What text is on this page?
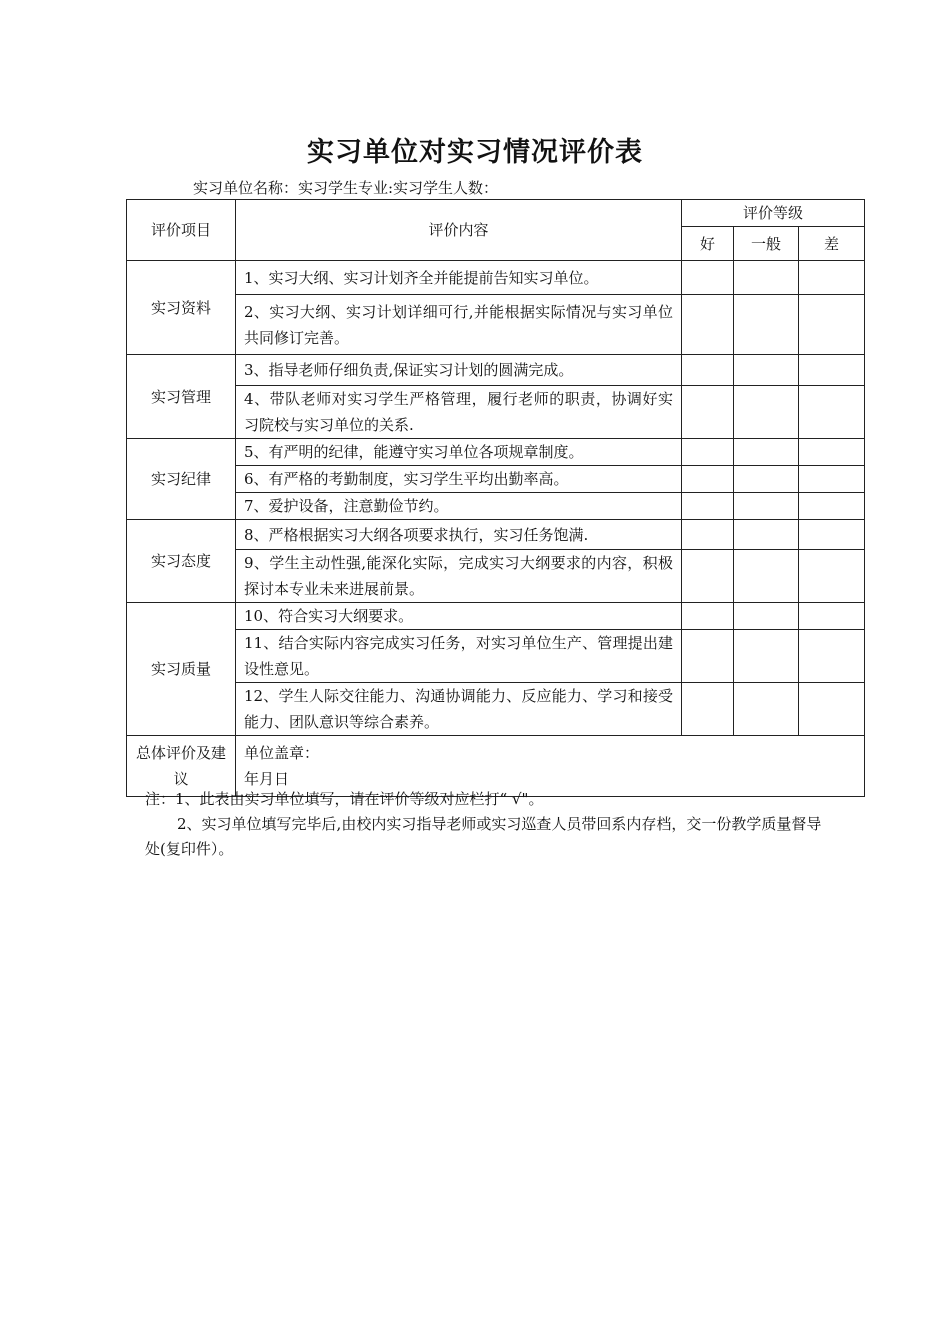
实习单位对实习情况评价表
实习单位名称：实习学生专业:实习学生人数：
评价项目	评价内容	评价等级		
		好	一般	差
实习资料	1、实习大纲、实习计划齐全并能提前告知实习单位。			
	2、实习大纲、实习计划详细可行,并能根据实际情况与实习单位共同修订完善。			
实习管理	3、指导老师仔细负责,保证实习计划的圆满完成。			
	4、带队老师对实习学生严格管理，履行老师的职责，协调好实习院校与实习单位的关系.			
实习纪律	5、有严明的纪律，能遵守实习单位各项规章制度。			
	6、有严格的考勤制度，实习学生平均出勤率高。			
	7、爱护设备，注意勤俭节约。			
实习态度	8、严格根据实习大纲各项要求执行，实习任务饱满.			
	9、学生主动性强,能深化实际，完成实习大纲要求的内容，积极探讨本专业未来进展前景。			
实习质量	10、符合实习大纲要求。			
	11、结合实际内容完成实习任务，对实习单位生产、管理提出建设性意见。			
	12、学生人际交往能力、沟通协调能力、反应能力、学习和接受能力、团队意识等综合素养。			
总体评价及建议	单位盖章：
年月日			

注：1、此表由实习单位填写，请在评价等级对应栏打“ √"。

2、实习单位填写完毕后,由校内实习指导老师或实习巡查人员带回系内存档，交一份教学质量督导处(复印件）。
